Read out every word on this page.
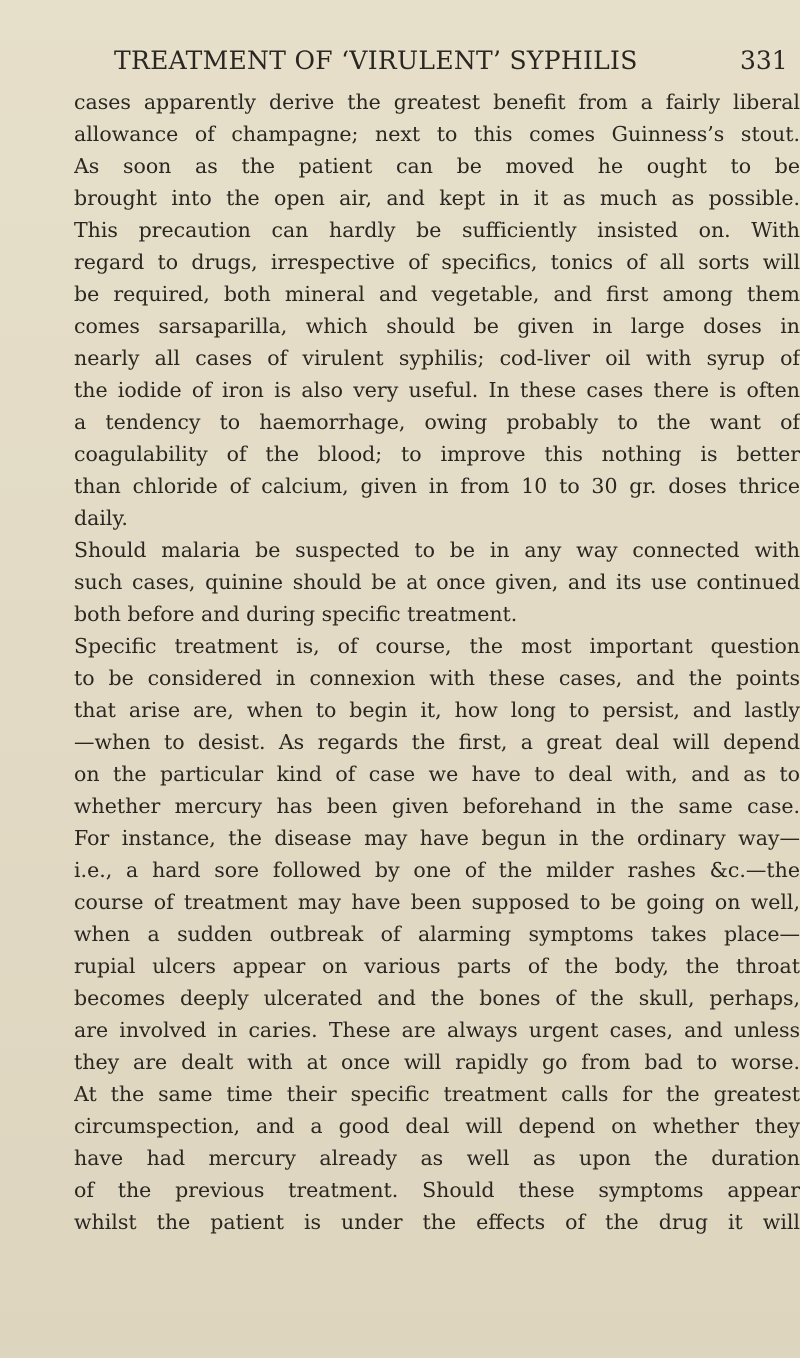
TREATMENT OF ‘VIRULENT’ SYPHILIS	331
cases apparently derive the greatest benefit from a fairly liberal
allowance of champagne; next to this comes Guinness’s stout.
As soon as the patient can be moved he ought to be
brought into the open air, and kept in it as much as possible.
This precaution can hardly be sufficiently insisted on. With
regard to drugs, irrespective of specifics, tonics of all sorts will
be required, both mineral and vegetable, and first among them
comes sarsaparilla, which should be given in large doses in
nearly all cases of virulent syphilis; cod-liver oil with syrup of
the iodide of iron is also very useful. In these cases there is often
a tendency to haemorrhage, owing probably to the want of
coagulability of the blood; to improve this nothing is better
than chloride of calcium, given in from 10 to 30 gr. doses thrice
daily.
Should malaria be suspected to be in any way connected with
such cases, quinine should be at once given, and its use continued
both before and during specific treatment.
Specific treatment is, of course, the most important question
to be considered in connexion with these cases, and the points
that arise are, when to begin it, how long to persist, and lastly
—when to desist. As regards the first, a great deal will depend
on the particular kind of case we have to deal with, and as to
whether mercury has been given beforehand in the same case.
For instance, the disease may have begun in the ordinary way—
i.e., a hard sore followed by one of the milder rashes &c.—the
course of treatment may have been supposed to be going on well,
when a sudden outbreak of alarming symptoms takes place—
rupial ulcers appear on various parts of the body, the throat
becomes deeply ulcerated and the bones of the skull, perhaps,
are involved in caries. These are always urgent cases, and unless
they are dealt with at once will rapidly go from bad to worse.
At the same time their specific treatment calls for the greatest
circumspection, and a good deal will depend on whether they
have had mercury already as well as upon the duration
of the previous treatment. Should these symptoms appear
whilst the patient is under the effects of the drug it will
